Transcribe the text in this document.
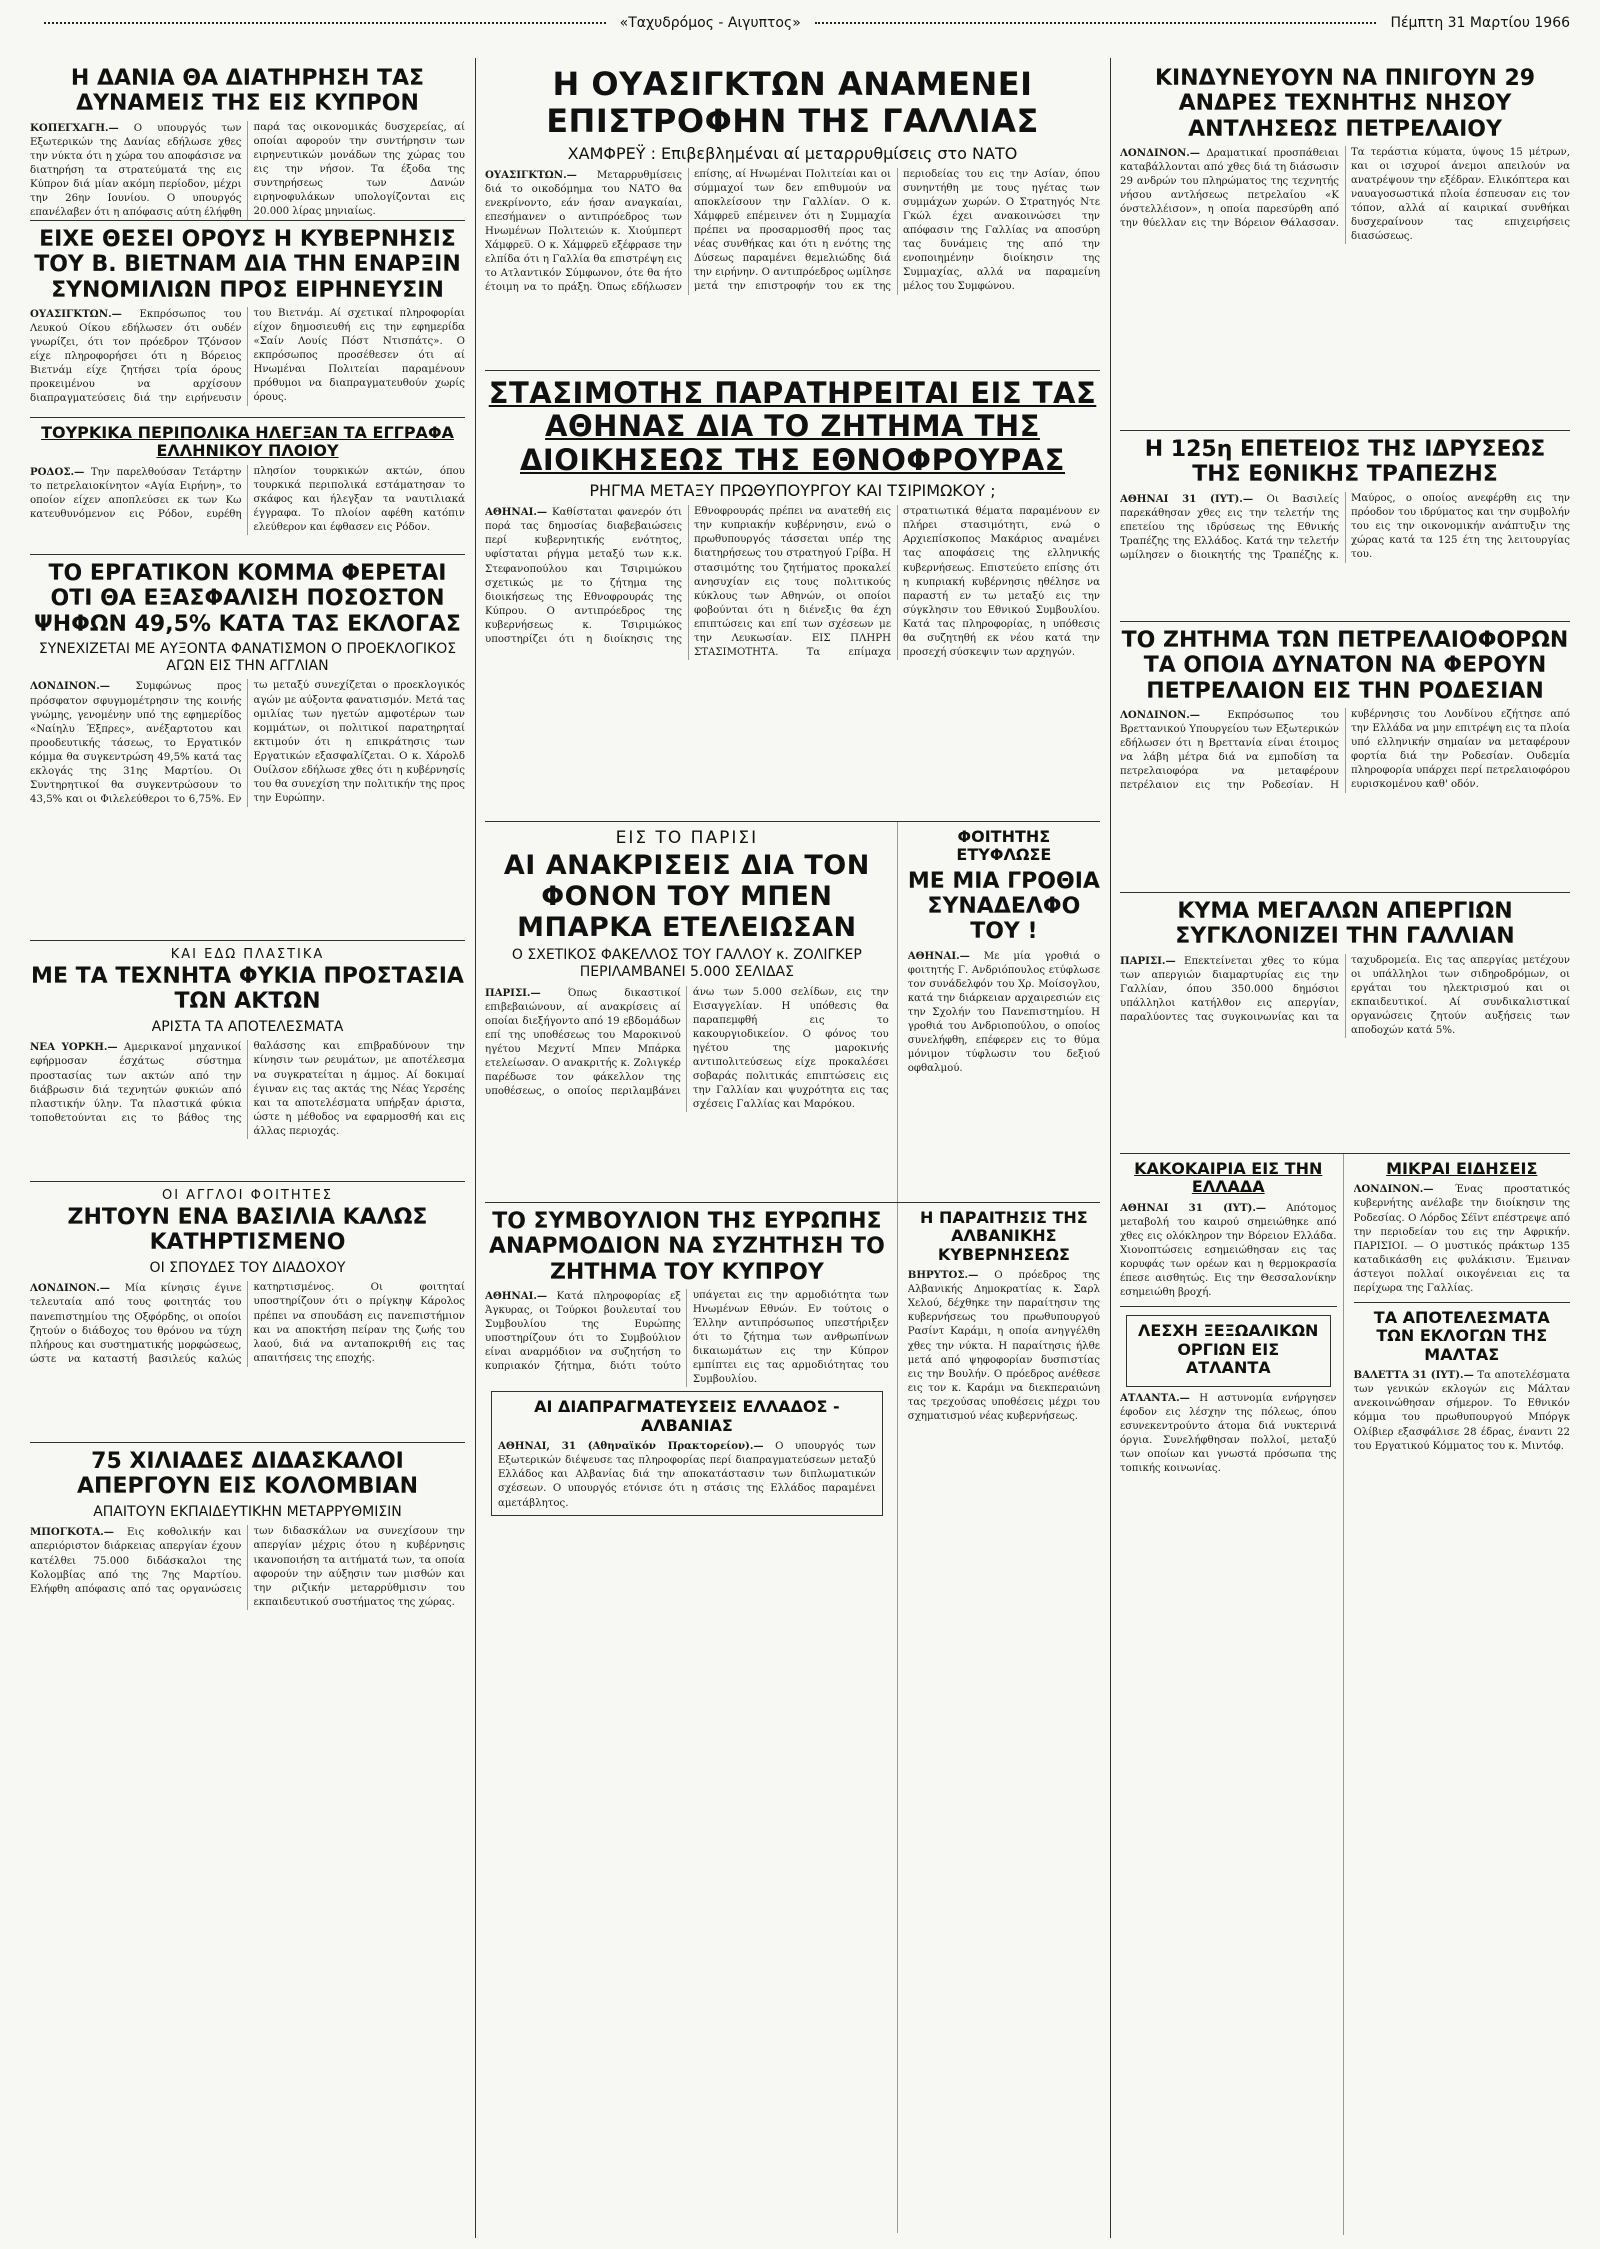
«Ταχυδρόμος - Αιγυπτος»	Πέμπτη 31 Μαρτίου 1966
Η ΔΑΝΙΑ ΘΑ ΔΙΑΤΗΡΗΣΗ ΤΑΣ ΔΥΝΑΜΕΙΣ ΤΗΣ ΕΙΣ ΚΥΠΡΟΝ
ΚΟΠΕΓΧΑΓΗ.— Ο υπουργός των Εξωτερικών της Δανίας εδήλωσε χθες την νύκτα ότι η χώρα του αποφάσισε να διατηρήση τα στρατεύματά της εις Κύπρον διά μίαν ακόμη περίοδον, μέχρι την 26ην Ιουνίου. Ο υπουργός επανέλαβεν ότι η απόφασις αύτη έλήφθη παρά τας οικονομικάς δυσχερείας, αί οποίαι αφορούν την συντήρησιν των ειρηνευτικών μονάδων της χώρας του εις την νήσον. Τα έξοδα της συντηρήσεως των Δανών ειρηνοφυλάκων υπολογίζονται εις 20.000 λίρας μηνιαίως.
ΕΙΧΕ ΘΕΣΕΙ ΟΡΟΥΣ Η ΚΥΒΕΡΝΗΣΙΣ ΤΟΥ Β. ΒΙΕΤΝΑΜ ΔΙΑ ΤΗΝ ΕΝΑΡΞΙΝ ΣΥΝΟΜΙΛΙΩΝ ΠΡΟΣ ΕΙΡΗΝΕΥΣΙΝ
ΟΥΑΣΙΓΚΤΩΝ.— Εκπρόσωπος του Λευκού Οίκου εδήλωσεν ότι ουδέν γνωρίζει, ότι τον πρόεδρον Τζόνσον είχε πληροφορήσει ότι η Βόρειος Βιετνάμ είχε ζητήσει τρία όρους προκειμένου να αρχίσουν διαπραγματεύσεις διά την ειρήνευσιν του Βιετνάμ. Αί σχετικαί πληροφορίαι είχον δημοσιευθή εις την εφημερίδα «Σαίν Λουίς Πόστ Ντισπάτς». Ο εκπρόσωπος προσέθεσεν ότι αί Ηνωμέναι Πολιτείαι παραμένουν πρόθυμοι να διαπραγματευθούν χωρίς όρους.
ΤΟΥΡΚΙΚΑ ΠΕΡΙΠΟΛΙΚΑ ΗΛΕΓΞΑΝ ΤΑ ΕΓΓΡΑΦΑ ΕΛΛΗΝΙΚΟΥ ΠΛΟΙΟΥ
ΡΟΔΟΣ.— Την παρελθούσαν Τετάρτην το πετρελαιοκίνητον «Αγία Ειρήνη», το οποίον είχεν αποπλεύσει εκ των Κω κατευθυνόμενον εις Ρόδον, ευρέθη πλησίον τουρκικών ακτών, όπου τουρκικά περιπολικά εστάματησαν το σκάφος και ήλεγξαν τα ναυτιλιακά έγγραφα. Το πλοίον αφέθη κατόπιν ελεύθερον και έφθασεν εις Ρόδον.
ΤΟ ΕΡΓΑΤΙΚΟΝ ΚΟΜΜΑ ΦΕΡΕΤΑΙ ΟΤΙ ΘΑ ΕΞΑΣΦΑΛΙΣΗ ΠΟΣΟΣΤΟΝ ΨΗΦΩΝ 49,5% ΚΑΤΑ ΤΑΣ ΕΚΛΟΓΑΣ
ΣΥΝΕΧΙΖΕΤΑΙ ΜΕ ΑΥΞΟΝΤΑ ΦΑΝΑΤΙΣΜΟΝ Ο ΠΡΟΕΚΛΟΓΙΚΟΣ ΑΓΩΝ ΕΙΣ ΤΗΝ ΑΓΓΛΙΑΝ
ΛΟΝΔΙΝΟΝ.—	Συμφώνως προς πρόσφατον σφυγμομέτρησιν της κοινής γνώμης, γενομένην υπό της εφημερίδος «Ναίηλυ Έξπρες», ανέξαρτοτου και προοδευτικής τάσεως, το Εργατικόν κόμμα θα συγκεντρώση 49,5% κατά τας εκλογάς της 31ης Μαρτίου. Οι Συντηρητικοί θα συγκεντρώσουν το 43,5% και οι Φιλελεύθεροι το 6,75%. Εν τω μεταξύ συνεχίζεται ο προεκλογικός αγών με αύξοντα φανατισμόν. Μετά τας ομιλίας των ηγετών αμφοτέρων των κομμάτων, οι πολιτικοί παρατηρηταί εκτιμούν ότι η επικράτησις των Εργατικών εξασφαλίζεται. Ο κ. Χάρολδ Ουίλσον εδήλωσε χθες ότι η κυβέρνησίς του θα συνεχίση την πολιτικήν της προς την Ευρώπην.
ΚΑΙ ΕΔΩ ΠΛΑΣΤΙΚΑ
ΜΕ ΤΑ ΤΕΧΝΗΤΑ ΦΥΚΙΑ ΠΡΟΣΤΑΣΙΑ ΤΩΝ ΑΚΤΩΝ
ΑΡΙΣΤΑ ΤΑ ΑΠΟΤΕΛΕΣΜΑΤΑ
ΝΕΑ ΥΟΡΚΗ.— Αμερικανοί μηχανικοί εφήρμοσαν έσχάτως σύστημα προστασίας των ακτών από την διάβρωσιν διά τεχνητών φυκιών από πλαστικήν ύλην. Τα πλαστικά φύκια τοποθετούνται εις το βάθος της θαλάσσης και επιβραδύνουν την κίνησιν των ρευμάτων, με αποτέλεσμα να συγκρατείται η άμμος. Αί δοκιμαί έγιναν εις τας ακτάς της Νέας Υερσέης και τα αποτελέσματα υπήρξαν άριστα, ώστε η μέθοδος να εφαρμοσθή και εις άλλας περιοχάς.
ΟΙ ΑΓΓΛΟΙ ΦΟΙΤΗΤΕΣ
ΖΗΤΟΥΝ ΕΝΑ ΒΑΣΙΛΙΑ ΚΑΛΩΣ ΚΑΤΗΡΤΙΣΜΕΝΟ
ΟΙ ΣΠΟΥΔΕΣ ΤΟΥ ΔΙΑΔΟΧΟΥ
ΛΟΝΔΙΝΟΝ.— Μία κίνησις έγινε τελευταία από τους φοιτητάς του πανεπιστημίου της Οξφόρδης, οι οποίοι ζητούν ο διάδοχος του θρόνου να τύχη πλήρους και συστηματικής μορφώσεως, ώστε να καταστή βασιλεύς καλώς κατηρτισμένος. Οι φοιτηταί υποστηρίζουν ότι ο πρίγκηψ Κάρολος πρέπει να σπουδάση εις πανεπιστήμιον και να αποκτήση πείραν της ζωής του λαού, διά να ανταποκριθή εις τας απαιτήσεις της εποχής.
75 ΧΙΛΙΑΔΕΣ ΔΙΔΑΣΚΑΛΟΙ ΑΠΕΡΓΟΥΝ ΕΙΣ ΚΟΛΟΜΒΙΑΝ
ΑΠΑΙΤΟΥΝ ΕΚΠΑΙΔΕΥΤΙΚΗΝ ΜΕΤΑΡΡΥΘΜΙΣΙΝ
ΜΠΟΓΚΟΤΑ.— Εις κοθολικήν και απεριόριστον διάρκειας απεργίαν έχουν κατέλθει 75.000 διδάσκαλοι της Κολομβίας από της 7ης Μαρτίου. Ελήφθη απόφασις από τας οργανώσεις των διδασκάλων να συνεχίσουν την απεργίαν μέχρις ότου η κυβέρνησις ικανοποιήση τα αιτήματά των, τα οποία αφορούν την αύξησιν των μισθών και την ριζικήν μεταρρύθμισιν του εκπαιδευτικού συστήματος της χώρας.
Η ΟΥΑΣΙΓΚΤΩΝ ΑΝΑΜΕΝΕΙ ΕΠΙΣΤΡΟΦΗΝ ΤΗΣ ΓΑΛΛΙΑΣ
ΧΑΜΦΡΕΫ : Επιβεβλημέναι αί μεταρρυθμίσεις στο ΝΑΤΟ
ΟΥΑΣΙΓΚΤΩΝ.— Μεταρρυθμίσεις διά το οικοδόμημα του ΝΑΤΟ θα ενεκρίνοντο, εάν ήσαν αναγκαίαι, επεσήμανεν ο αντιπρόεδρος των Ηνωμένων Πολιτειών κ. Χιούμπερτ Χάμφρεϋ. Ο κ. Χάμφρεϋ εξέφρασε την ελπίδα ότι η Γαλλία θα επιστρέψη εις το Ατλαντικόν Σύμφωνον, ότε θα ήτο έτοιμη να το πράξη. Όπως εδήλωσεν επίσης, αί Ηνωμέναι Πολιτείαι και οι σύμμαχοί των δεν επιθυμούν να αποκλείσουν την Γαλλίαν. Ο κ. Χάμφρεϋ επέμεινεν ότι η Συμμαχία πρέπει να προσαρμοσθή προς τας νέας συνθήκας και ότι η ενότης της Δύσεως παραμένει θεμελιώδης διά την ειρήνην. Ο αντιπρόεδρος ωμίλησε μετά την επιστροφήν του εκ της περιοδείας του εις την Ασίαν, όπου συνηντήθη με τους ηγέτας των συμμάχων χωρών. Ο Στρατηγός Ντε Γκώλ έχει ανακοινώσει την απόφασιν της Γαλλίας να αποσύρη τας δυνάμεις της από την ενοποιημένην διοίκησιν της Συμμαχίας, αλλά να παραμείνη μέλος του Συμφώνου.
ΣΤΑΣΙΜΟΤΗΣ ΠΑΡΑΤΗΡΕΙΤΑΙ ΕΙΣ ΤΑΣ ΑΘΗΝΑΣ ΔΙΑ ΤΟ ΖΗΤΗΜΑ ΤΗΣ ΔΙΟΙΚΗΣΕΩΣ ΤΗΣ ΕΘΝΟΦΡΟΥΡΑΣ
ΡΗΓΜΑ ΜΕΤΑΞΥ ΠΡΩΘΥΠΟΥΡΓΟΥ ΚΑΙ ΤΣΙΡΙΜΩΚΟΥ ;
ΑΘΗΝΑΙ.— Καθίσταται φανερόν ότι πορά τας δημοσίας διαβεβαιώσεις περί κυβερνητικής ενότητος, υφίσταται ρήγμα μεταξύ των κ.κ. Στεφανοπούλου και Τσιριμώκου σχετικώς με το ζήτημα της διοικήσεως της Εθνοφρουράς της Κύπρου. Ο αντιπρόεδρος της κυβερνήσεως κ. Τσιριμώκος υποστηρίζει ότι η διοίκησις της Εθνοφρουράς πρέπει να ανατεθή εις την κυπριακήν κυβέρνησιν, ενώ ο πρωθυπουργός τάσσεται υπέρ της διατηρήσεως του στρατηγού Γρίβα. Η στασιμότης του ζητήματος προκαλεί ανησυχίαν εις τους πολιτικούς κύκλους των Αθηνών, οι οποίοι φοβούνται ότι η διένεξις θα έχη επιπτώσεις και επί των σχέσεων με την Λευκωσίαν. ΕΙΣ ΠΛΗΡΗ ΣΤΑΣΙΜΟΤΗΤΑ. Τα επίμαχα στρατιωτικά θέματα παραμένουν εν πλήρει στασιμότητι, ενώ ο Αρχιεπίσκοπος Μακάριος αναμένει τας αποφάσεις της ελληνικής κυβερνήσεως. Επιστεύετο επίσης ότι η κυπριακή κυβέρνησις ηθέλησε να παραστή εν τω μεταξύ εις την σύγκλησιν του Εθνικού Συμβουλίου. Κατά τας πληροφορίας, η υπόθεσις θα συζητηθή εκ νέου κατά την προσεχή σύσκεψιν των αρχηγών.
ΕΙΣ ΤΟ ΠΑΡΙΣΙ
ΑΙ ΑΝΑΚΡΙΣΕΙΣ ΔΙΑ ΤΟΝ ΦΟΝΟΝ ΤΟΥ ΜΠΕΝ ΜΠΑΡΚΑ ΕΤΕΛΕΙΩΣΑΝ
Ο ΣΧΕΤΙΚΟΣ ΦΑΚΕΛΛΟΣ ΤΟΥ ΓΑΛΛΟΥ κ. ΖΟΛΙΓΚΕΡ ΠΕΡΙΛΑΜΒΑΝΕΙ 5.000 ΣΕΛΙΔΑΣ
ΠΑΡΙΣΙ.—	Όπως δικαστικοί επιβεβαιώνουν, αί ανακρίσεις αί οποίαι διεξήγοντο από 19 εβδομάδων επί της υποθέσεως του Μαροκινού ηγέτου Μεχντί Μπεν Μπάρκα ετελείωσαν. Ο ανακριτής κ. Ζολιγκέρ παρέδωσε τον φάκελλον της υποθέσεως, ο οποίος περιλαμβάνει άνω των 5.000 σελίδων, εις την Εισαγγελίαν. Η υπόθεσις θα παραπεμφθή εις το κακουργιοδικείον. Ο φόνος του ηγέτου της μαροκινής αντιπολιτεύσεως είχε προκαλέσει σοβαράς πολιτικάς επιπτώσεις εις την Γαλλίαν και ψυχρότητα εις τας σχέσεις Γαλλίας και Μαρόκου.
ΦΟΙΤΗΤΗΣ ΕΤΥΦΛΩΣΕ
ΜΕ ΜΙΑ ΓΡΟΘΙΑ ΣΥΝΑΔΕΛΦΟ ΤΟΥ !
ΑΘΗΝΑΙ.— Με μία γροθιά ο φοιτητής Γ. Ανδριόπουλος ετύφλωσε τον συνάδελφόν του Χρ. Μοίσογλου, κατά την διάρκειαν αρχαιρεσιών εις την Σχολήν του Πανεπιστημίου. Η γροθιά του Ανδριοπούλου, ο οποίος συνελήφθη, επέφερεν εις το θύμα μόνιμον τύφλωσιν του δεξιού οφθαλμού.
ΤΟ ΣΥΜΒΟΥΛΙΟΝ ΤΗΣ ΕΥΡΩΠΗΣ ΑΝΑΡΜΟΔΙΟΝ ΝΑ ΣΥΖΗΤΗΣΗ ΤΟ ΖΗΤΗΜΑ ΤΟΥ ΚΥΠΡΟΥ
ΑΘΗΝΑΙ.— Κατά πληροφορίας εξ Άγκυρας, οι Τούρκοι βουλευταί του Συμβουλίου της Ευρώπης υποστηρίζουν ότι το Συμβούλιον είναι αναρμόδιον να συζητήση το κυπριακόν ζήτημα, διότι τούτο υπάγεται εις την αρμοδιότητα των Ηνωμένων Εθνών. Εν τούτοις ο Έλλην αντιπρόσωπος υπεστήριξεν ότι το ζήτημα των ανθρωπίνων δικαιωμάτων εις την Κύπρον εμπίπτει εις τας αρμοδιότητας του Συμβουλίου.
ΑΙ ΔΙΑΠΡΑΓΜΑΤΕΥΣΕΙΣ ΕΛΛΑΔΟΣ - ΑΛΒΑΝΙΑΣ
ΑΘΗΝΑΙ, 31 (Αθηναϊκόν Πρακτορείον).— Ο υπουργός των Εξωτερικών διέψευσε τας πληροφορίας περί διαπραγματεύσεων μεταξύ Ελλάδος και Αλβανίας διά την αποκατάστασιν των διπλωματικών σχέσεων. Ο υπουργός ετόνισε ότι η στάσις της Ελλάδος παραμένει αμετάβλητος.
Η ΠΑΡΑΙΤΗΣΙΣ ΤΗΣ ΑΛΒΑΝΙΚΗΣ ΚΥΒΕΡΝΗΣΕΩΣ
ΒΗΡΥΤΟΣ.— Ο πρόεδρος της Αλβανικής Δημοκρατίας κ. Σαρλ Χελού, δέχθηκε την παραίτησιν της κυβερνήσεως του πρωθυπουργού Ρασίντ Καράμι, η οποία ανηγγέλθη χθες την νύκτα. Η παραίτησις ήλθε μετά από ψηφοφορίαν δυσπιστίας εις την Βουλήν. Ο πρόεδρος ανέθεσε εις τον κ. Καράμι να διεκπεραιώνη τας τρεχούσας υποθέσεις μέχρι του σχηματισμού νέας κυβερνήσεως.
ΚΙΝΔΥΝΕΥΟΥΝ ΝΑ ΠΝΙΓΟΥΝ 29 ΑΝΔΡΕΣ ΤΕΧΝΗΤΗΣ ΝΗΣΟΥ ΑΝΤΛΗΣΕΩΣ ΠΕΤΡΕΛΑΙΟΥ
ΛΟΝΔΙΝΟΝ.— Δραματικαί προσπάθειαι καταβάλλονται από χθες διά τη διάσωσιν 29 ανδρών του πληρώματος της τεχνητής νήσου αντλήσεως πετρελαίου «Κ όνστελλέισον», η οποία παρεσύρθη από την θύελλαν εις την Βόρειον Θάλασσαν. Τα τεράστια κύματα, ύψους 15 μέτρων, και οι ισχυροί άνεμοι απειλούν να ανατρέψουν την εξέδραν. Ελικόπτερα και ναυαγοσωστικά πλοία έσπευσαν εις τον τόπον, αλλά αί καιρικαί συνθήκαι δυσχεραίνουν τας επιχειρήσεις διασώσεως.
Η 125η ΕΠΕΤΕΙΟΣ ΤΗΣ ΙΔΡΥΣΕΩΣ ΤΗΣ ΕΘΝΙΚΗΣ ΤΡΑΠΕΖΗΣ
ΑΘΗΝΑΙ 31 (ΙΥΤ).— Οι Βασιλείς παρεκάθησαν χθες εις την τελετήν της επετείου της ιδρύσεως της Εθνικής Τραπέζης της Ελλάδος. Κατά την τελετήν ωμίλησεν ο διοικητής της Τραπέζης κ. Μαύρος, ο οποίος ανεφέρθη εις την πρόοδον του ιδρύματος και την συμβολήν του εις την οικονομικήν ανάπτυξιν της χώρας κατά τα 125 έτη της λειτουργίας του.
ΤΟ ΖΗΤΗΜΑ ΤΩΝ ΠΕΤΡΕΛΑΙΟΦΟΡΩΝ ΤΑ ΟΠΟΙΑ ΔΥΝΑΤΟΝ ΝΑ ΦΕΡΟΥΝ ΠΕΤΡΕΛΑΙΟΝ ΕΙΣ ΤΗΝ ΡΟΔΕΣΙΑΝ
ΛΟΝΔΙΝΟΝ.—	Εκπρόσωπος του Βρεττανικού Υπουργείου των Εξωτερικών εδήλωσεν ότι η Βρεττανία είναι έτοιμος να λάβη μέτρα διά να εμποδίση τα πετρελαιοφόρα να μεταφέρουν πετρέλαιον εις την Ροδεσίαν. Η κυβέρνησις του Λονδίνου εζήτησε από την Ελλάδα να μην επιτρέψη εις τα πλοία υπό ελληνικήν σημαίαν να μεταφέρουν φορτία διά την Ροδεσίαν. Ουδεμία πληροφορία υπάρχει περί πετρελαιοφόρου ευρισκομένου καθ' οδόν.
ΚΥΜΑ ΜΕΓΑΛΩΝ ΑΠΕΡΓΙΩΝ ΣΥΓΚΛΟΝΙΖΕΙ ΤΗΝ ΓΑΛΛΙΑΝ
ΠΑΡΙΣΙ.— Επεκτείνεται χθες το κύμα των απεργιών διαμαρτυρίας εις την Γαλλίαν, όπου 350.000 δημόσιοι υπάλληλοι κατήλθον εις απεργίαν, παραλύοντες τας συγκοινωνίας και τα ταχυδρομεία. Εις τας απεργίας μετέχουν οι υπάλληλοι των σιδηροδρόμων, οι εργάται του ηλεκτρισμού και οι εκπαιδευτικοί. Αί συνδικαλιστικαί οργανώσεις ζητούν αυξήσεις των αποδοχών κατά 5%.
ΚΑΚΟΚΑΙΡΙΑ ΕΙΣ ΤΗΝ ΕΛΛΑΔΑ
ΑΘΗΝΑΙ 31 (ΙΥΤ).— Απότομος μεταβολή του καιρού σημειώθηκε από χθες εις ολόκληρον την Βόρειον Ελλάδα. Χιονοπτώσεις εσημειώθησαν εις τας κορυφάς των ορέων και η θερμοκρασία έπεσε αισθητώς. Εις την Θεσσαλονίκην εσημειώθη βροχή.
ΛΕΣΧΗ ΞΕΞΩΑΛΙΚΩΝ ΟΡΓΙΩΝ ΕΙΣ ΑΤΛΑΝΤΑ
ΑΤΛΑΝΤΑ.— Η αστυνομία ενήργησεν έφοδον εις λέσχην της πόλεως, όπου εσυνεκεντρούντο άτομα διά νυκτερινά όργια. Συνελήφθησαν πολλοί, μεταξύ των οποίων και γνωστά πρόσωπα της τοπικής κοινωνίας.
ΜΙΚΡΑΙ ΕΙΔΗΣΕΙΣ
ΛΟΝΔΙΝΟΝ.— Ένας προστατικός κυβερνήτης ανέλαβε την διοίκησιν της Ροδεσίας. Ο Λόρδος Σέϊντ επέστρεψε από την περιοδείαν του εις την Αφρικήν. ΠΑΡΙΣΙΟΙ. — Ο μυστικός πράκτωρ 135 καταδικάσθη εις φυλάκισιν. Έμειναν άστεγοι πολλαί οικογένειαι εις τα περίχωρα της Γαλλίας.
ΤΑ ΑΠΟΤΕΛΕΣΜΑΤΑ ΤΩΝ ΕΚΛΟΓΩΝ ΤΗΣ ΜΑΛΤΑΣ
ΒΑΛΕΤΤΑ 31 (ΙΥΤ).— Τα αποτελέσματα των γενικών εκλογών εις Μάλταν ανεκοινώθησαν σήμερον. Το Εθνικόν κόμμα του πρωθυπουργού Μπόργκ Ολίβιερ εξασφάλισε 28 έδρας, έναντι 22 του Εργατικού Κόμματος του κ. Μιντόφ.
